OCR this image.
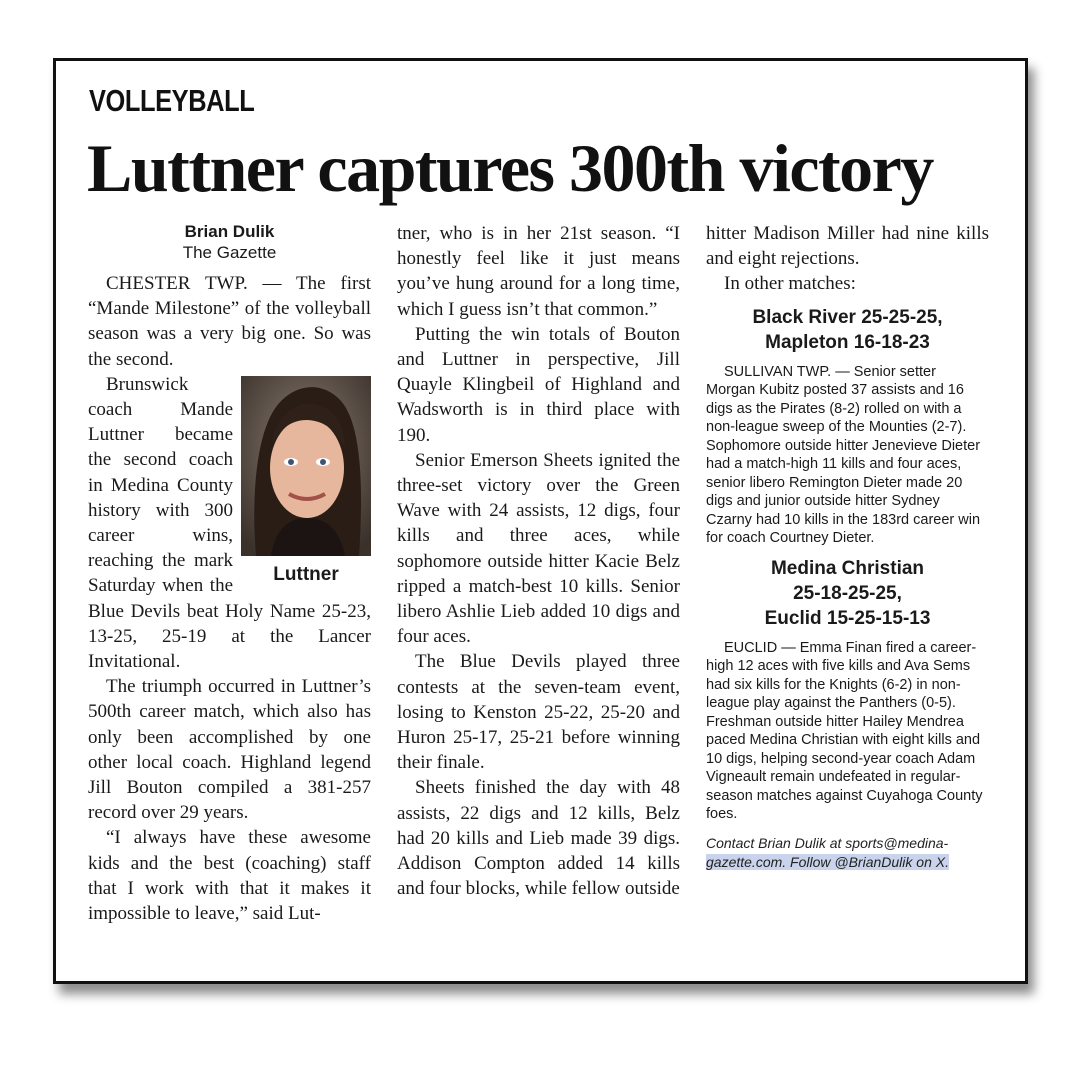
VOLLEYBALL
Luttner captures 300th victory
Brian Dulik
The Gazette

CHESTER TWP. — The first “Mande Milestone” of the volleyball season was a very big one. So was the second.

Luttner

Brunswick coach Mande Luttner became the second coach in Medina County history with 300 career wins, reaching the mark Saturday when the Blue Devils beat Holy Name 25-23, 13-25, 25-19 at the Lancer Invitational.

The triumph occurred in Luttner’s 500th career match, which also has only been accomplished by one other local coach. Highland legend Jill Bouton compiled a 381-257 record over 29 years.

“I always have these awesome kids and the best (coaching) staff that I work with that it makes it impossible to leave,” said Lut-

tner, who is in her 21st season. “I honestly feel like it just means you’ve hung around for a long time, which I guess isn’t that common.”

Putting the win totals of Bouton and Luttner in perspective, Jill Quayle Klingbeil of Highland and Wadsworth is in third place with 190.

Senior Emerson Sheets ignited the three-set victory over the Green Wave with 24 assists, 12 digs, four kills and three aces, while sophomore outside hitter Kacie Belz ripped a match-best 10 kills. Senior libero Ashlie Lieb added 10 digs and four aces.

The Blue Devils played three contests at the seven-team event, losing to Kenston 25-22, 25-20 and Huron 25-17, 25-21 before winning their finale.

Sheets finished the day with 48 assists, 22 digs and 12 kills, Belz had 20 kills and Lieb made 39 digs. Addison Compton added 14 kills and four blocks, while fellow outside

hitter Madison Miller had nine kills and eight rejections.

In other matches:

Black River 25-25-25,
Mapleton 16-18-23

SULLIVAN TWP. — Senior setter Morgan Kubitz posted 37 assists and 16 digs as the Pirates (8-2) rolled on with a non-league sweep of the Mounties (2-7). Sophomore outside hitter Jenevieve Dieter had a match-high 11 kills and four aces, senior libero Remington Dieter made 20 digs and junior outside hitter Sydney Czarny had 10 kills in the 183rd career win for coach Courtney Dieter.

Medina Christian
25-18-25-25,
Euclid 15-25-15-13

EUCLID — Emma Finan fired a career-high 12 aces with five kills and Ava Sems had six kills for the Knights (6-2) in non-league play against the Panthers (0-5). Freshman outside hitter Hailey Mendrea paced Medina Christian with eight kills and 10 digs, helping second-year coach Adam Vigneault remain undefeated in regular-season matches against Cuyahoga County foes.

Contact Brian Dulik at sports@medina-
gazette.com. Follow @BrianDulik on X.
